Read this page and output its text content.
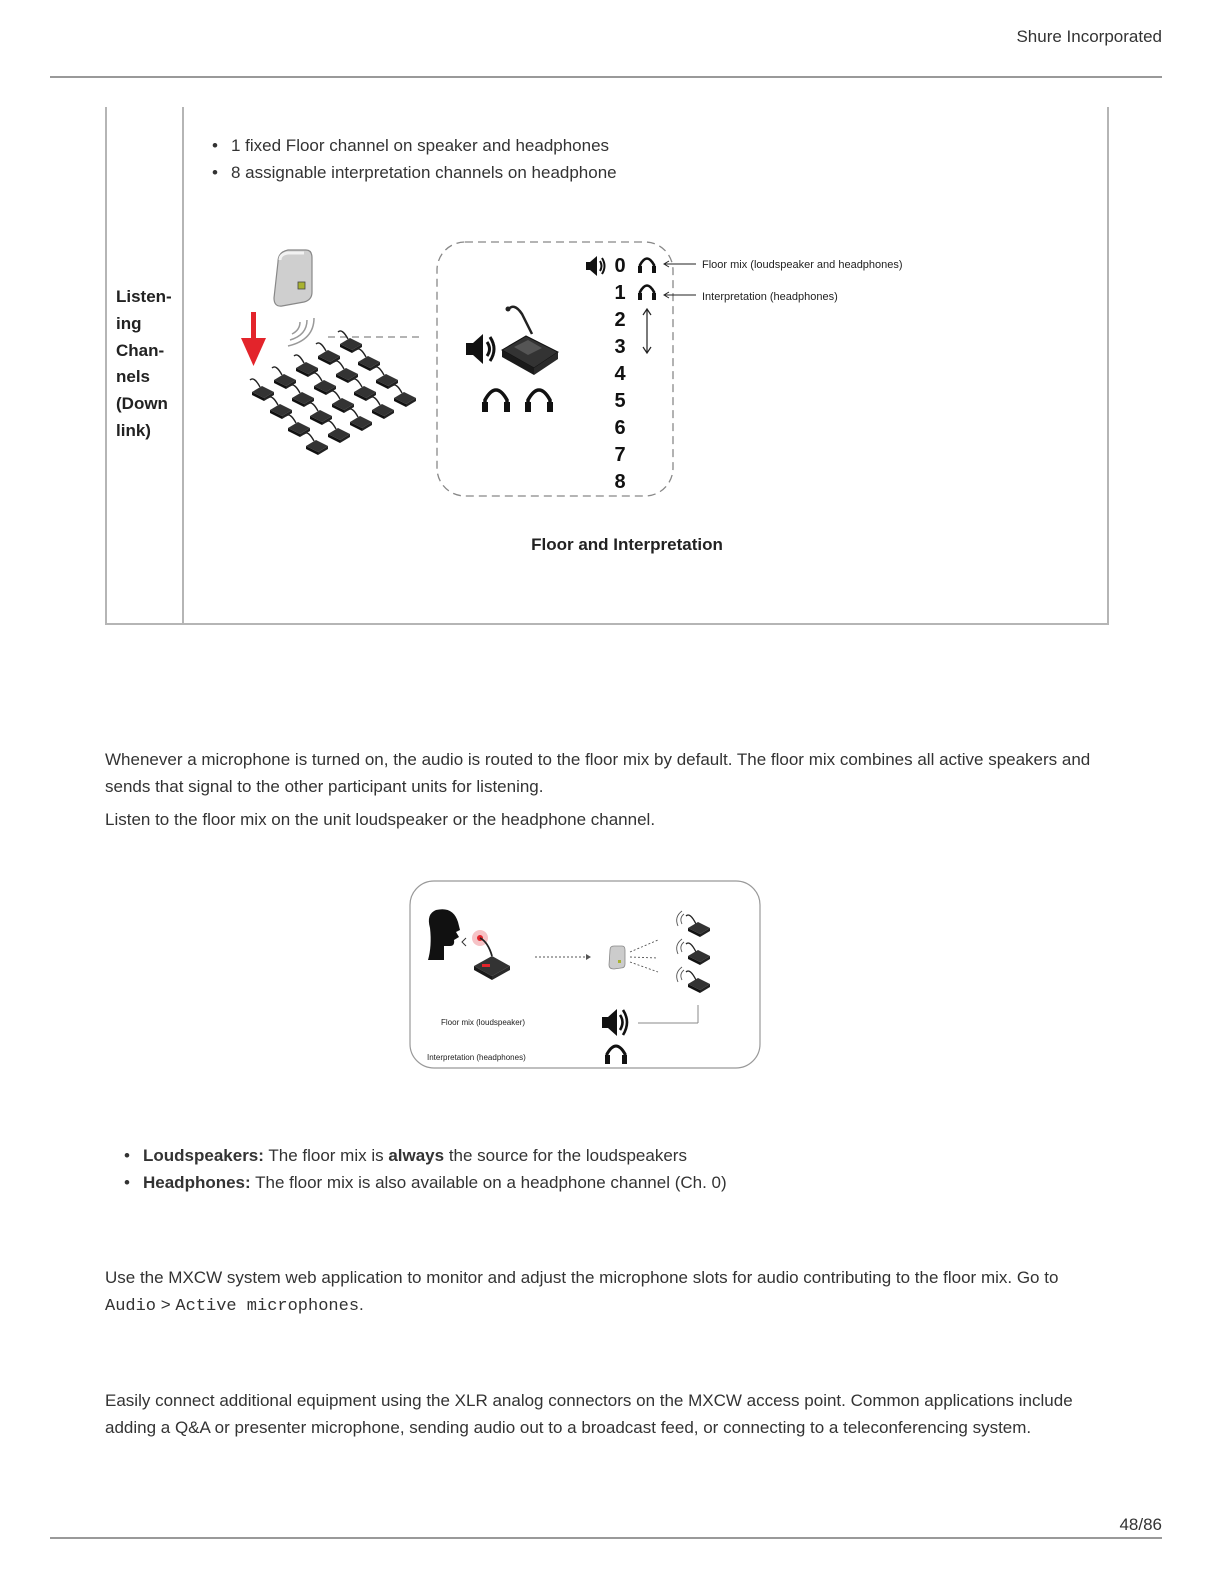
Shure Incorporated
Listen-
ing
Chan-
nels
(Down
link)
• 1 fixed Floor channel on speaker and headphones
• 8 assignable interpretation channels on headphone
0
1
2
3
4
5
6
7
8
Floor mix (loudspeaker and headphones)
Interpretation (headphones)
Floor and Interpretation

Whenever a microphone is turned on, the audio is routed to the floor mix by default. The floor mix combines all active speakers and sends that signal to the other participant units for listening.

Listen to the floor mix on the unit loudspeaker or the headphone channel.

Floor mix (loudspeaker)
Interpretation (headphones)
• Loudspeakers: The floor mix is always the source for the loudspeakers
• Headphones: The floor mix is also available on a headphone channel (Ch. 0)

Use the MXCW system web application to monitor and adjust the microphone slots for audio contributing to the floor mix. Go to
Audio > Active microphones.

Easily connect additional equipment using the XLR analog connectors on the MXCW access point. Common applications include adding a Q&A or presenter microphone, sending audio out to a broadcast feed, or connecting to a teleconferencing system.

48/86
